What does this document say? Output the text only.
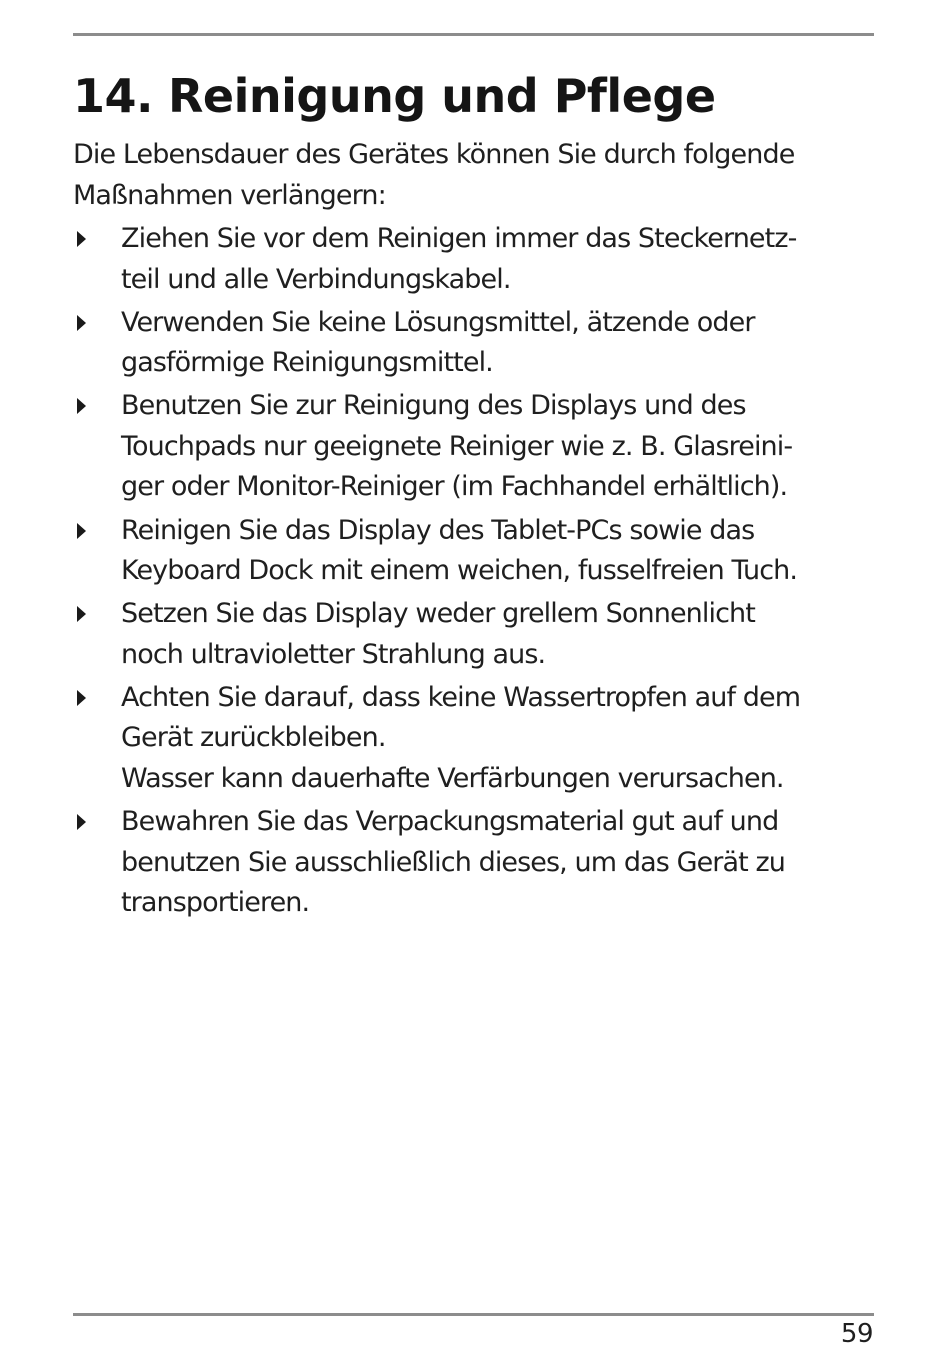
14. Reinigung und Pflege

Die Lebensdauer des Gerätes können Sie durch folgende
Maßnahmen verlängern:

Ziehen Sie vor dem Reinigen immer das Steckernetz-
teil und alle Verbindungskabel.
Verwenden Sie keine Lösungsmittel, ätzende oder
gasförmige Reinigungsmittel.
Benutzen Sie zur Reinigung des Displays und des
Touchpads nur geeignete Reiniger wie z. B. Glasreini-
ger oder Monitor-Reiniger (im Fachhandel erhältlich).
Reinigen Sie das Display des Tablet-PCs sowie das
Keyboard Dock mit einem weichen, fusselfreien Tuch.
Setzen Sie das Display weder grellem Sonnenlicht
noch ultravioletter Strahlung aus.
Achten Sie darauf, dass keine Wassertropfen auf dem
Gerät zurückbleiben.
Wasser kann dauerhafte Verfärbungen verursachen.
Bewahren Sie das Verpackungsmaterial gut auf und
benutzen Sie ausschließlich dieses, um das Gerät zu
transportieren.
59
